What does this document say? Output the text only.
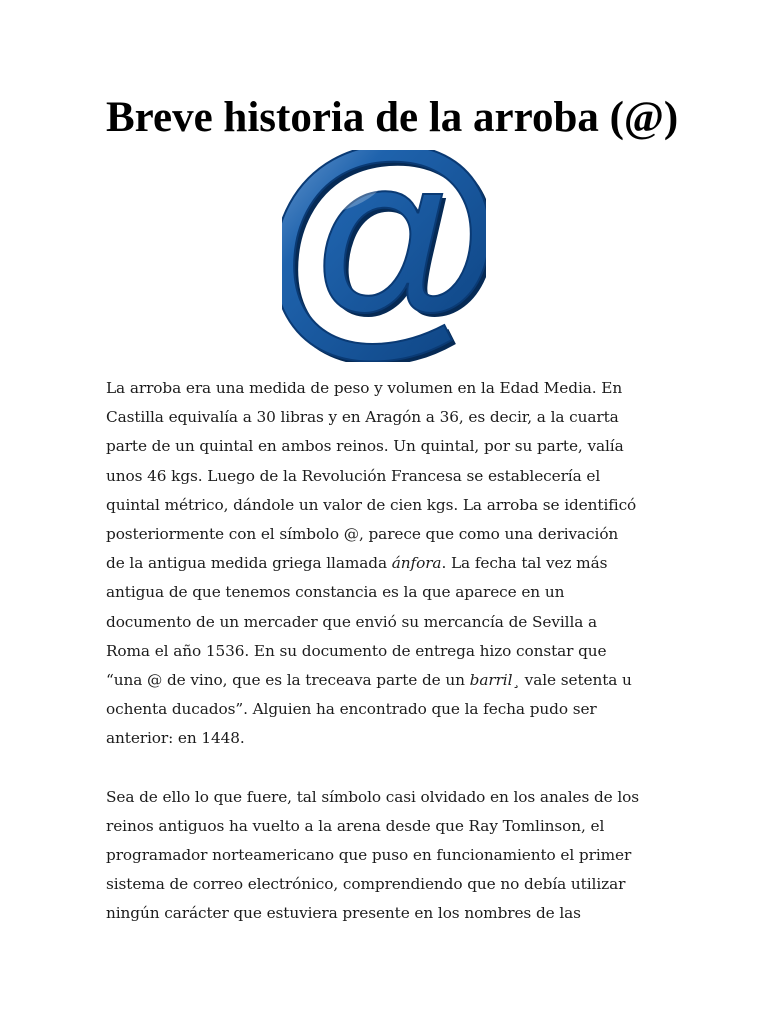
Breve historia de la arroba (@)

La arroba era una medida de peso y volumen en la Edad Media. En
Castilla equivalía a 30 libras y en Aragón a 36, es decir, a la cuarta
parte de un quintal en ambos reinos. Un quintal, por su parte, valía
unos 46 kgs. Luego de la Revolución Francesa se establecería el
quintal métrico, dándole un valor de cien kgs. La arroba se identificó
posteriormente con el símbolo @, parece que como una derivación
de la antigua medida griega llamada ánfora. La fecha tal vez más
antigua de que tenemos constancia es la que aparece en un
documento de un mercader que envió su mercancía de Sevilla a
Roma el año 1536. En su documento de entrega hizo constar que
“una @ de vino, que es la treceava parte de un barril¸ vale setenta u
ochenta ducados”. Alguien ha encontrado que la fecha pudo ser
anterior: en 1448.

Sea de ello lo que fuere, tal símbolo casi olvidado en los anales de los
reinos antiguos ha vuelto a la arena desde que Ray Tomlinson, el
programador norteamericano que puso en funcionamiento el primer
sistema de correo electrónico, comprendiendo que no debía utilizar
ningún carácter que estuviera presente en los nombres de las
